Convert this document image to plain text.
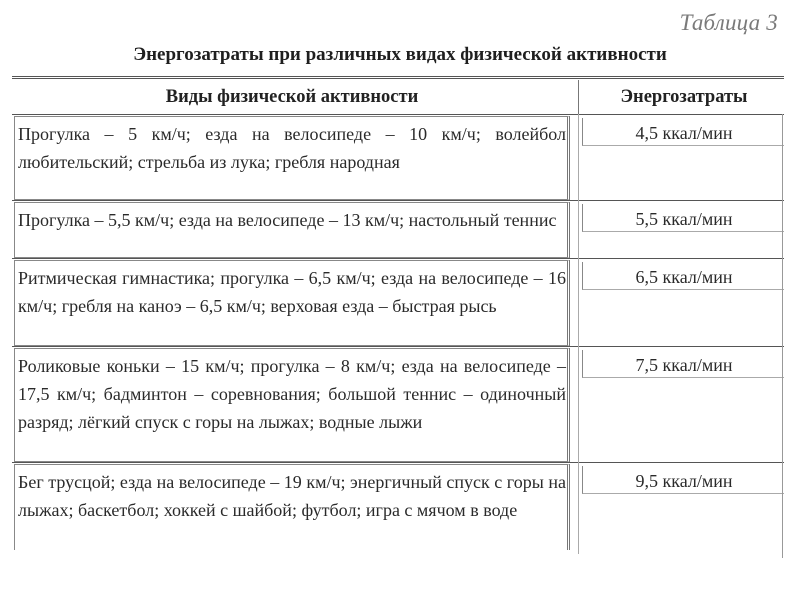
Таблица 3
Энергозатраты при различных видах физической активности
Виды физической активности	Энергозатраты
Прогулка – 5 км/ч; езда на велосипеде – 10 км/ч; волейбол любительский; стрельба из лука; гребля народная
4,5 ккал/мин
Прогулка – 5,5 км/ч; езда на велосипеде – 13 км/ч; настольный теннис	5,5 ккал/мин
Ритмическая гимнастика; прогулка – 6,5 км/ч; езда на велосипеде – 16 км/ч; гребля на каноэ – 6,5 км/ч; верховая езда – быстрая рысь
6,5 ккал/мин
Роликовые коньки – 15 км/ч; прогулка – 8 км/ч; езда на велосипеде – 17,5 км/ч; бадминтон – соревнования; большой теннис – одиночный разряд; лёгкий спуск с горы на лыжах; водные лыжи
7,5 ккал/мин
Бег трусцой; езда на велосипеде – 19 км/ч; энергичный спуск с горы на лыжах; баскетбол; хоккей с шайбой; футбол; игра с мячом в воде
9,5 ккал/мин
